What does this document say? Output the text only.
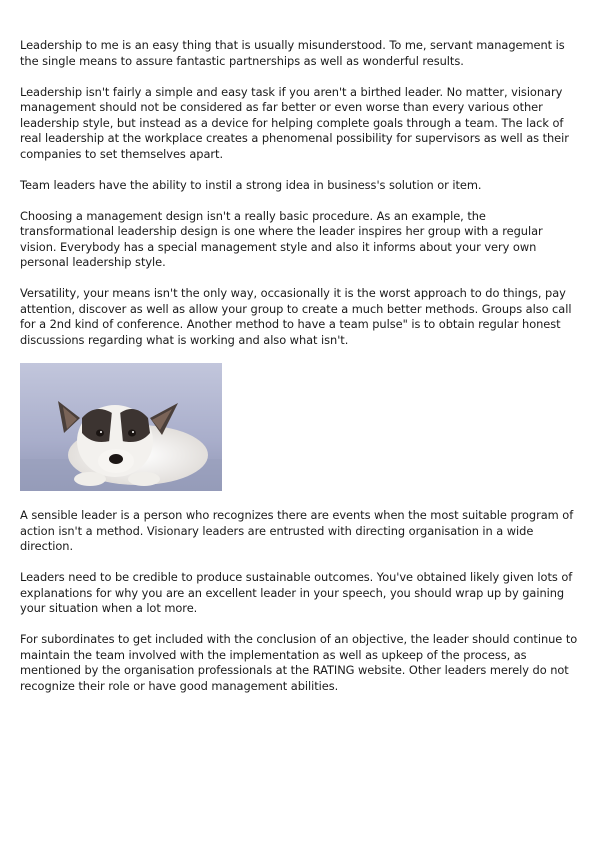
Leadership to me is an easy thing that is usually misunderstood. To me, servant management is the single means to assure fantastic partnerships as well as wonderful results.

Leadership isn't fairly a simple and easy task if you aren't a birthed leader. No matter, visionary management should not be considered as far better or even worse than every various other leadership style, but instead as a device for helping complete goals through a team. The lack of real leadership at the workplace creates a phenomenal possibility for supervisors as well as their companies to set themselves apart.

Team leaders have the ability to instil a strong idea in business's solution or item.

Choosing a management design isn't a really basic procedure. As an example, the transformational leadership design is one where the leader inspires her group with a regular vision. Everybody has a special management style and also it informs about your very own personal leadership style.

Versatility, your means isn't the only way, occasionally it is the worst approach to do things, pay attention, discover as well as allow your group to create a much better methods. Groups also call for a 2nd kind of conference. Another method to have a team pulse" is to obtain regular honest discussions regarding what is working and also what isn't.

A sensible leader is a person who recognizes there are events when the most suitable program of action isn't a method. Visionary leaders are entrusted with directing organisation in a wide direction.

Leaders need to be credible to produce sustainable outcomes. You've obtained likely given lots of explanations for why you are an excellent leader in your speech, you should wrap up by gaining your situation when a lot more.

For subordinates to get included with the conclusion of an objective, the leader should continue to maintain the team involved with the implementation as well as upkeep of the process, as mentioned by the organisation professionals at the RATING website. Other leaders merely do not recognize their role or have good management abilities.
